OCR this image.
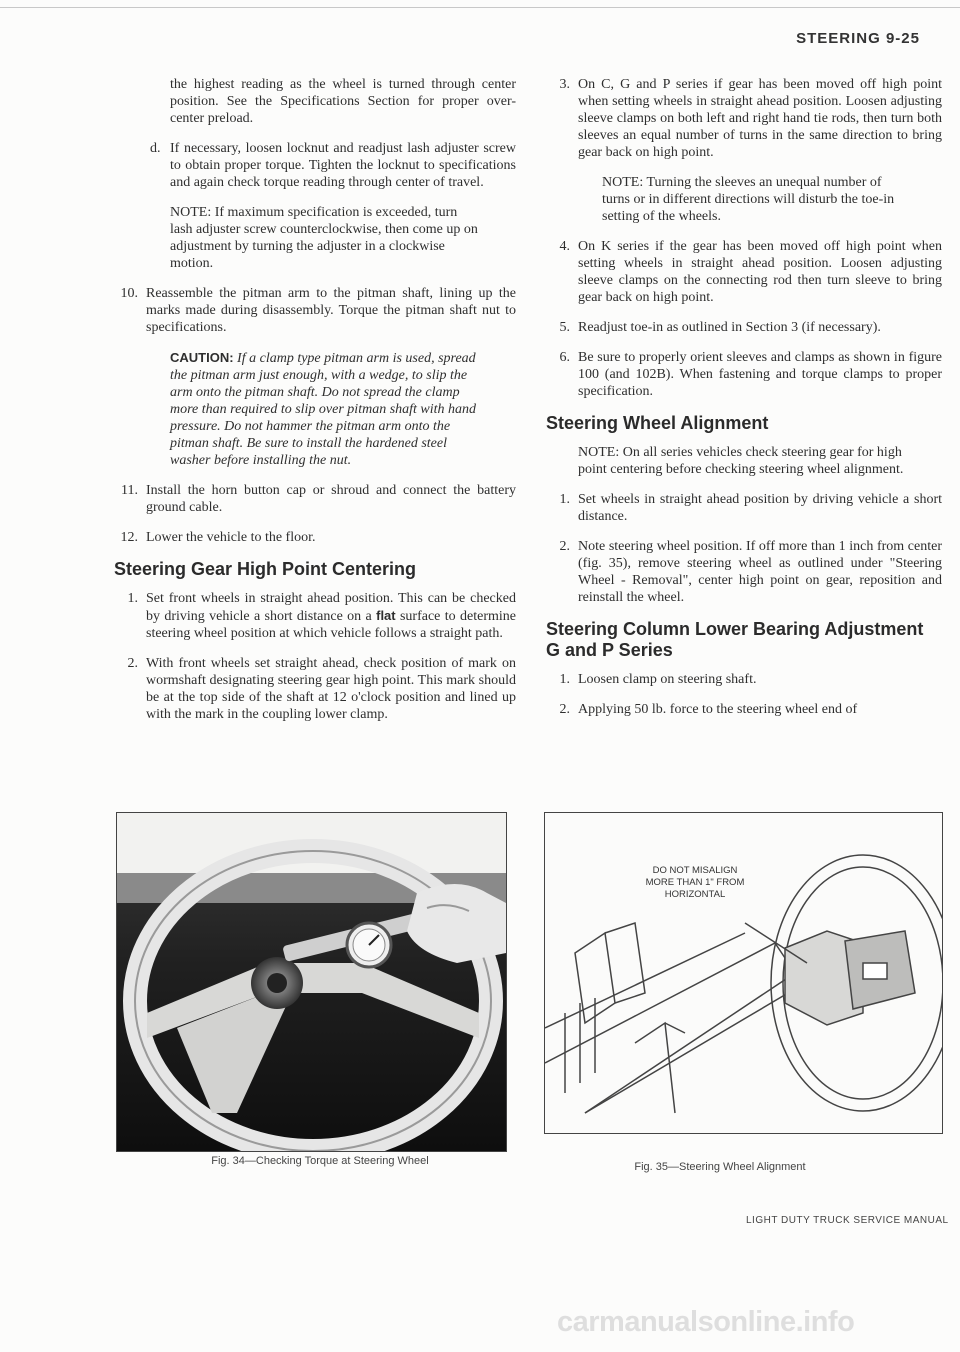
STEERING 9-25

the highest reading as the wheel is turned through center position. See the Specifications Section for proper over-center preload.

d. If necessary, loosen locknut and readjust lash adjuster screw to obtain proper torque. Tighten the locknut to specifications and again check torque reading through center of travel.

NOTE: If maximum specification is exceeded, turn lash adjuster screw counterclockwise, then come up on adjustment by turning the adjuster in a clockwise motion.

10. Reassemble the pitman arm to the pitman shaft, lining up the marks made during disassembly. Torque the pitman shaft nut to specifications.

CAUTION: If a clamp type pitman arm is used, spread the pitman arm just enough, with a wedge, to slip the arm onto the pitman shaft. Do not spread the clamp more than required to slip over pitman shaft with hand pressure. Do not hammer the pitman arm onto the pitman shaft. Be sure to install the hardened steel washer before installing the nut.

11. Install the horn button cap or shroud and connect the battery ground cable.

12. Lower the vehicle to the floor.

Steering Gear High Point Centering
1. Set front wheels in straight ahead position. This can be checked by driving vehicle a short distance on a flat surface to determine steering wheel position at which vehicle follows a straight path.

2. With front wheels set straight ahead, check position of mark on wormshaft designating steering gear high point. This mark should be at the top side of the shaft at 12 o'clock position and lined up with the mark in the coupling lower clamp.

3. On C, G and P series if gear has been moved off high point when setting wheels in straight ahead position. Loosen adjusting sleeve clamps on both left and right hand tie rods, then turn both sleeves an equal number of turns in the same direction to bring gear back on high point.

NOTE: Turning the sleeves an unequal number of turns or in different directions will disturb the toe-in setting of the wheels.

4. On K series if the gear has been moved off high point when setting wheels in straight ahead position. Loosen adjusting sleeve clamps on the connecting rod then turn sleeve to bring gear back on high point.

5. Readjust toe-in as outlined in Section 3 (if necessary).

6. Be sure to properly orient sleeves and clamps as shown in figure 100 (and 102B). When fastening and torque clamps to proper specification.

Steering Wheel Alignment

NOTE: On all series vehicles check steering gear for high point centering before checking steering wheel alignment.

1. Set wheels in straight ahead position by driving vehicle a short distance.

2. Note steering wheel position. If off more than 1 inch from center (fig. 35), remove steering wheel as outlined under "Steering Wheel - Removal", center high point on gear, reposition and reinstall the wheel.

Steering Column Lower Bearing Adjustment G and P Series
1. Loosen clamp on steering shaft.

2. Applying 50 lb. force to the steering wheel end of

Fig. 34—Checking Torque at Steering Wheel
DO NOT MISALIGN
MORE THAN 1" FROM
HORIZONTAL
Fig. 35—Steering Wheel Alignment
LIGHT DUTY TRUCK SERVICE MANUAL
carmanualsonline.info
